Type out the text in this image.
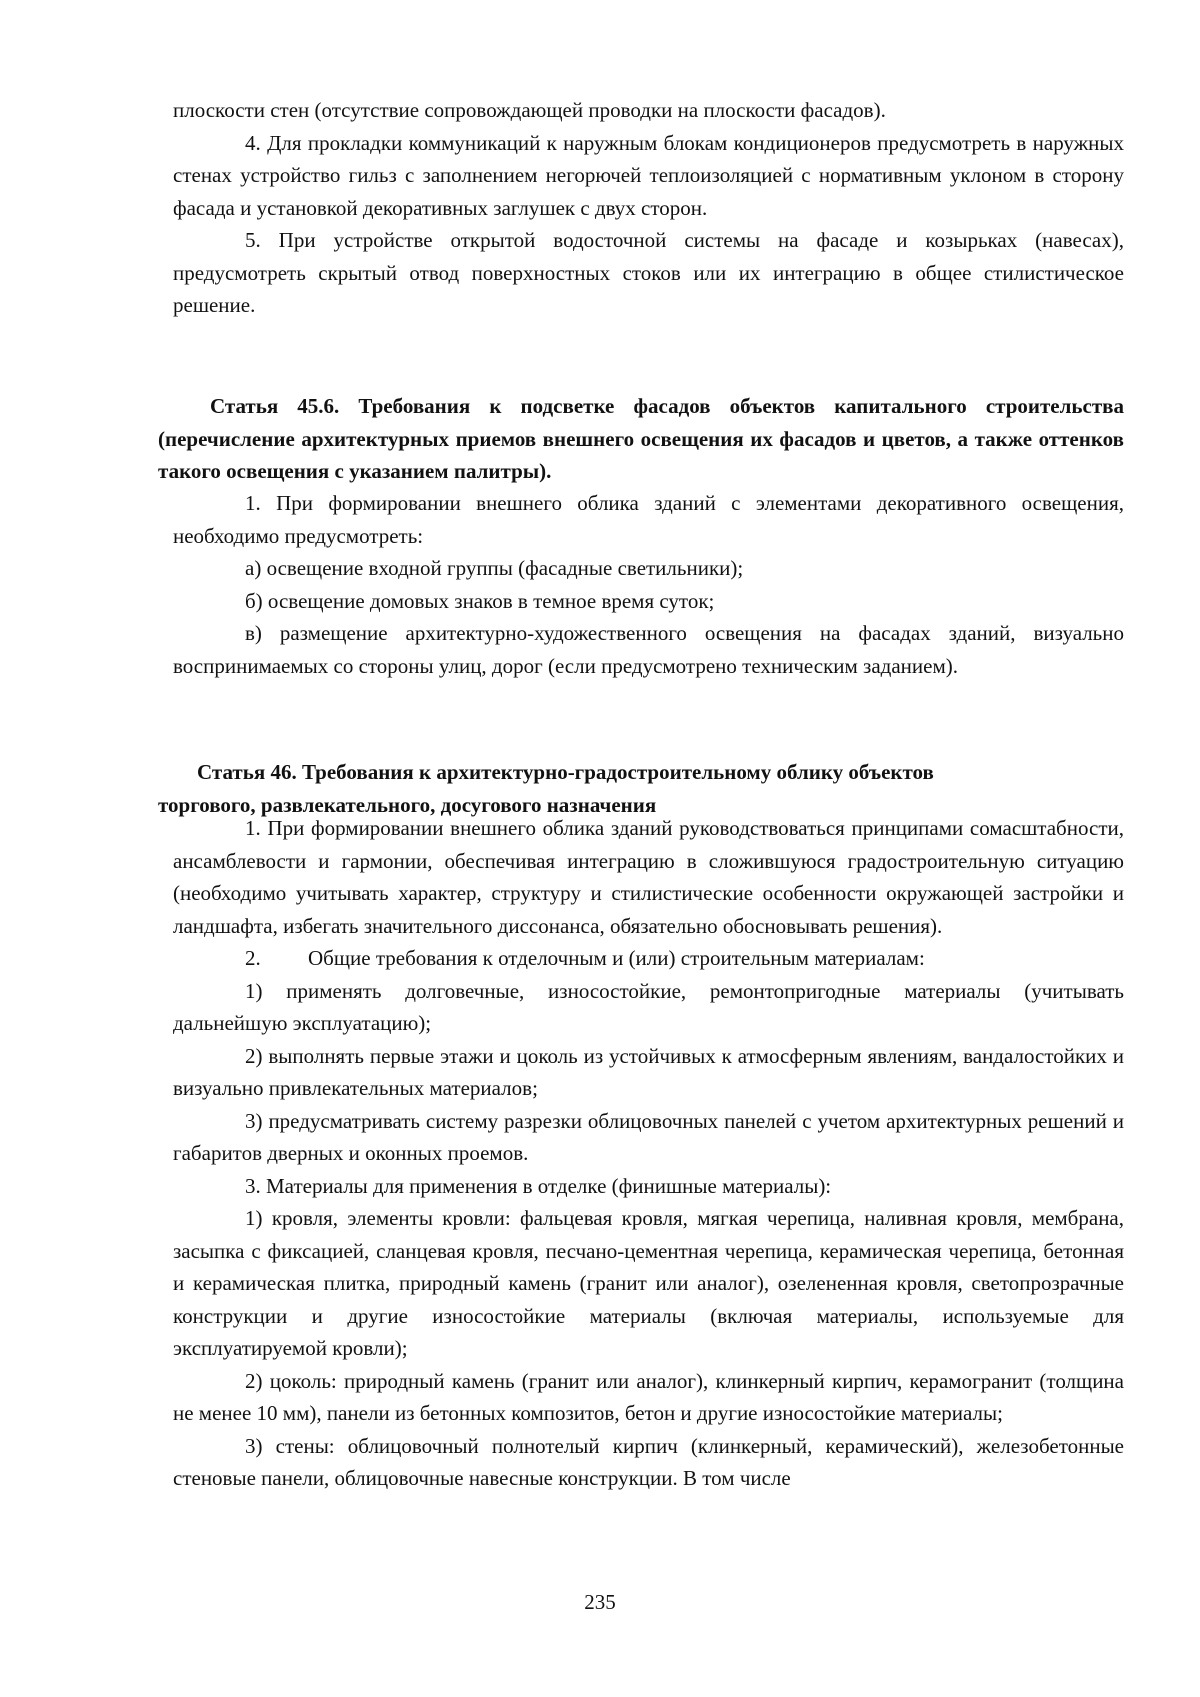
плоскости стен (отсутствие сопровождающей проводки на плоскости фасадов).

4. Для прокладки коммуникаций к наружным блокам кондиционеров предусмотреть в наружных стенах устройство гильз с заполнением негорючей теплоизоляцией с нормативным уклоном в сторону фасада и установкой декоративных заглушек с двух сторон.

5. При устройстве открытой водосточной системы на фасаде и козырьках (навесах), предусмотреть скрытый отвод поверхностных стоков или их интеграцию в общее стилистическое решение.

Статья 45.6. Требования к подсветке фасадов объектов капитального строительства (перечисление архитектурных приемов внешнего освещения их фасадов и цветов, а также оттенков такого освещения с указанием палитры).

1. При формировании внешнего облика зданий с элементами декоративного освещения, необходимо предусмотреть:

а) освещение входной группы (фасадные светильники);

б) освещение домовых знаков в темное время суток;

в) размещение архитектурно-художественного освещения на фасадах зданий, визуально воспринимаемых со стороны улиц, дорог (если предусмотрено техническим заданием).

Статья 46. Требования к архитектурно-градостроительному облику объектов
торгового, развлекательного, досугового назначения

1. При формировании внешнего облика зданий руководствоваться принципами сомасштабности, ансамблевости и гармонии, обеспечивая интеграцию в сложившуюся градостроительную ситуацию (необходимо учитывать характер, структуру и стилистические особенности окружающей застройки и ландшафта, избегать значительного диссонанса, обязательно обосновывать решения).

2.         Общие требования к отделочным и (или) строительным материалам:

1) применять долговечные, износостойкие, ремонтопригодные материалы (учитывать дальнейшую эксплуатацию);

2) выполнять первые этажи и цоколь из устойчивых к атмосферным явлениям, вандалостойких и визуально привлекательных материалов;

3) предусматривать систему разрезки облицовочных панелей с учетом архитектурных решений и габаритов дверных и оконных проемов.

3. Материалы для применения в отделке (финишные материалы):

1) кровля, элементы кровли: фальцевая кровля, мягкая черепица, наливная кровля, мембрана, засыпка с фиксацией, сланцевая кровля, песчано-цементная черепица, керамическая черепица, бетонная и керамическая плитка, природный камень (гранит или аналог), озелененная кровля, светопрозрачные конструкции и другие износостойкие материалы (включая материалы, используемые для эксплуатируемой кровли);

2) цоколь: природный камень (гранит или аналог), клинкерный кирпич, керамогранит (толщина не менее 10 мм), панели из бетонных композитов, бетон и другие износостойкие материалы;

3) стены: облицовочный полнотелый кирпич (клинкерный, керамический), железобетонные стеновые панели, облицовочные навесные конструкции. В том числе

235
